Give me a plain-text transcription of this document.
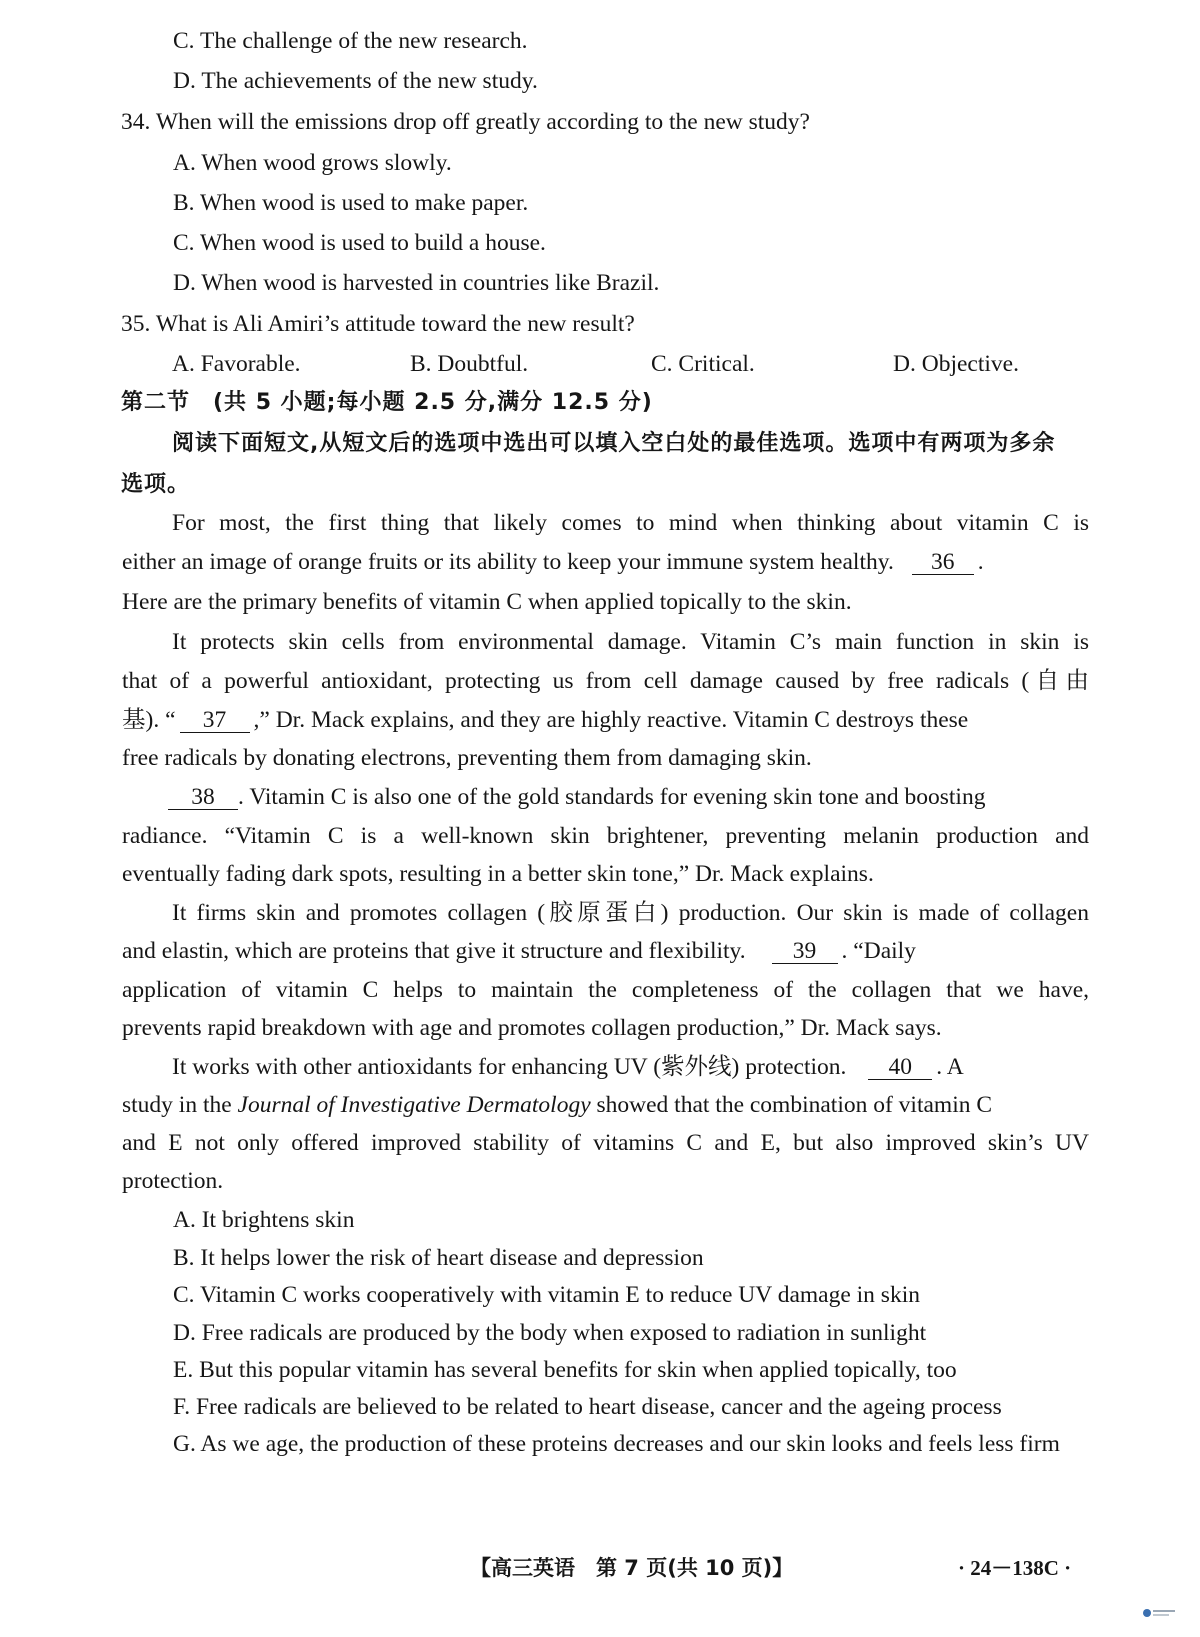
C. The challenge of the new research.
D. The achievements of the new study.
34. When will the emissions drop off greatly according to the new study?
A. When wood grows slowly.
B. When wood is used to make paper.
C. When wood is used to build a house.
D. When wood is harvested in countries like Brazil.
35. What is Ali Amiri’s attitude toward the new result?
A. Favorable.	B. Doubtful.	C. Critical.	D. Objective.
第二节　(共 5 小题;每小题 2.5 分,满分 12.5 分)
阅读下面短文,从短文后的选项中选出可以填入空白处的最佳选项。选项中有两项为多余
选项。
For most, the first thing that likely comes to mind when thinking about vitamin C is
either an image of orange fruits or its ability to keep your immune system healthy. 36 .
Here are the primary benefits of vitamin C when applied topically to the skin.
It protects skin cells from environmental damage. Vitamin C’s main function in skin is
that of a powerful antioxidant, protecting us from cell damage caused by free radicals (自由
基). “ 37 ,” Dr. Mack explains, and they are highly reactive. Vitamin C destroys these
free radicals by donating electrons, preventing them from damaging skin.
38 . Vitamin C is also one of the gold standards for evening skin tone and boosting
radiance. “Vitamin C is a well-known skin brightener, preventing melanin production and
eventually fading dark spots, resulting in a better skin tone,” Dr. Mack explains.
It firms skin and promotes collagen (胶原蛋白) production. Our skin is made of collagen
and elastin, which are proteins that give it structure and flexibility. 39 . “Daily
application of vitamin C helps to maintain the completeness of the collagen that we have,
prevents rapid breakdown with age and promotes collagen production,” Dr. Mack says.
It works with other antioxidants for enhancing UV (紫外线) protection. 40 . A
study in the Journal of Investigative Dermatology showed that the combination of vitamin C
and E not only offered improved stability of vitamins C and E, but also improved skin’s UV
protection.
A. It brightens skin
B. It helps lower the risk of heart disease and depression
C. Vitamin C works cooperatively with vitamin E to reduce UV damage in skin
D. Free radicals are produced by the body when exposed to radiation in sunlight
E. But this popular vitamin has several benefits for skin when applied topically, too
F. Free radicals are believed to be related to heart disease, cancer and the ageing process
G. As we age, the production of these proteins decreases and our skin looks and feels less firm
【高三英语　第 7 页(共 10 页)】	· 24－138C ·
